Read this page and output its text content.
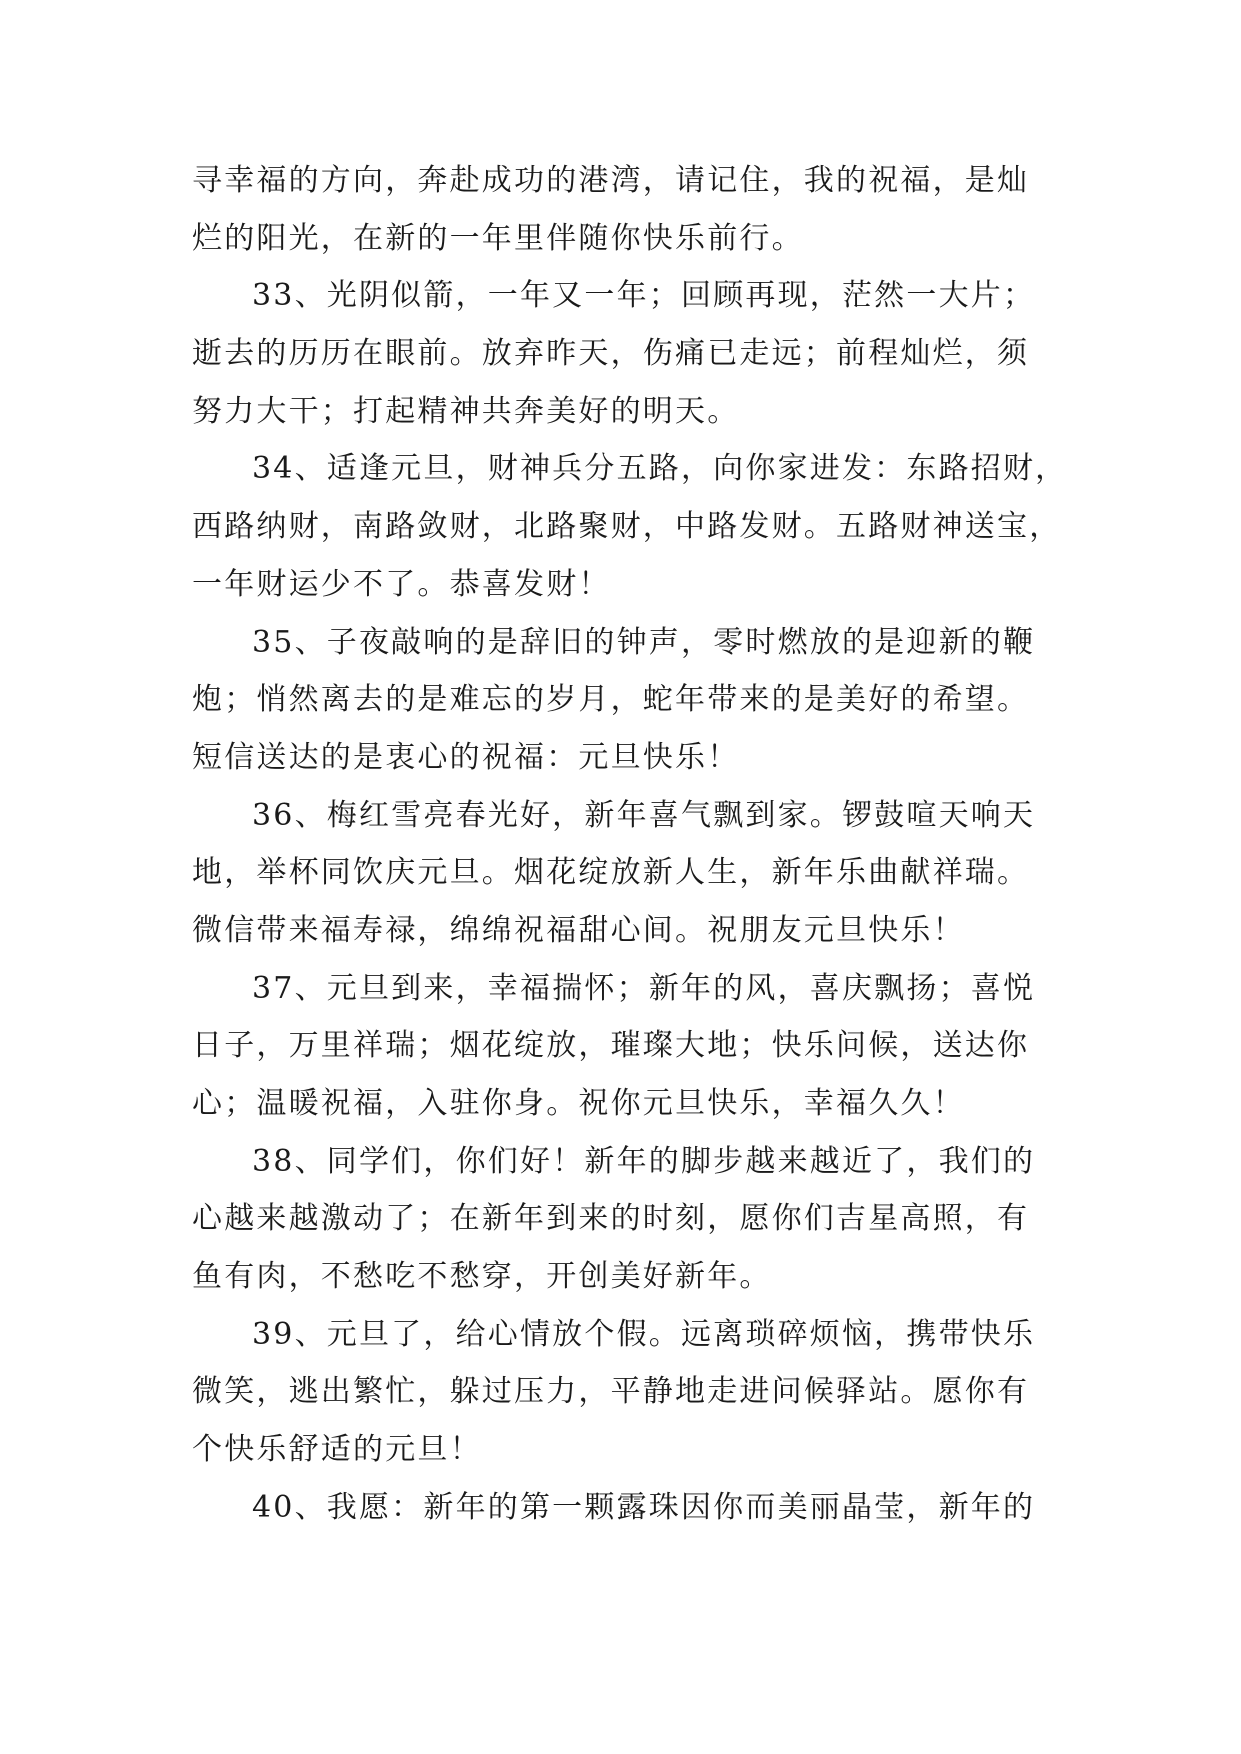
寻幸福的方向，奔赴成功的港湾，请记住，我的祝福，是灿
烂的阳光，在新的一年里伴随你快乐前行。
33、光阴似箭，一年又一年；回顾再现，茫然一大片；
逝去的历历在眼前。放弃昨天，伤痛已走远；前程灿烂，须
努力大干；打起精神共奔美好的明天。
34、适逢元旦，财神兵分五路，向你家进发：东路招财，
西路纳财，南路敛财，北路聚财，中路发财。五路财神送宝，
一年财运少不了。恭喜发财！
35、子夜敲响的是辞旧的钟声，零时燃放的是迎新的鞭
炮；悄然离去的是难忘的岁月，蛇年带来的是美好的希望。
短信送达的是衷心的祝福：元旦快乐！
36、梅红雪亮春光好，新年喜气飘到家。锣鼓喧天响天
地，举杯同饮庆元旦。烟花绽放新人生，新年乐曲献祥瑞。
微信带来福寿禄，绵绵祝福甜心间。祝朋友元旦快乐！
37、元旦到来，幸福揣怀；新年的风，喜庆飘扬；喜悦
日子，万里祥瑞；烟花绽放，璀璨大地；快乐问候，送达你
心；温暖祝福，入驻你身。祝你元旦快乐，幸福久久！
38、同学们，你们好！新年的脚步越来越近了，我们的
心越来越激动了；在新年到来的时刻，愿你们吉星高照，有
鱼有肉，不愁吃不愁穿，开创美好新年。
39、元旦了，给心情放个假。远离琐碎烦恼，携带快乐
微笑，逃出繁忙，躲过压力，平静地走进问候驿站。愿你有
个快乐舒适的元旦！
40、我愿：新年的第一颗露珠因你而美丽晶莹，新年的
